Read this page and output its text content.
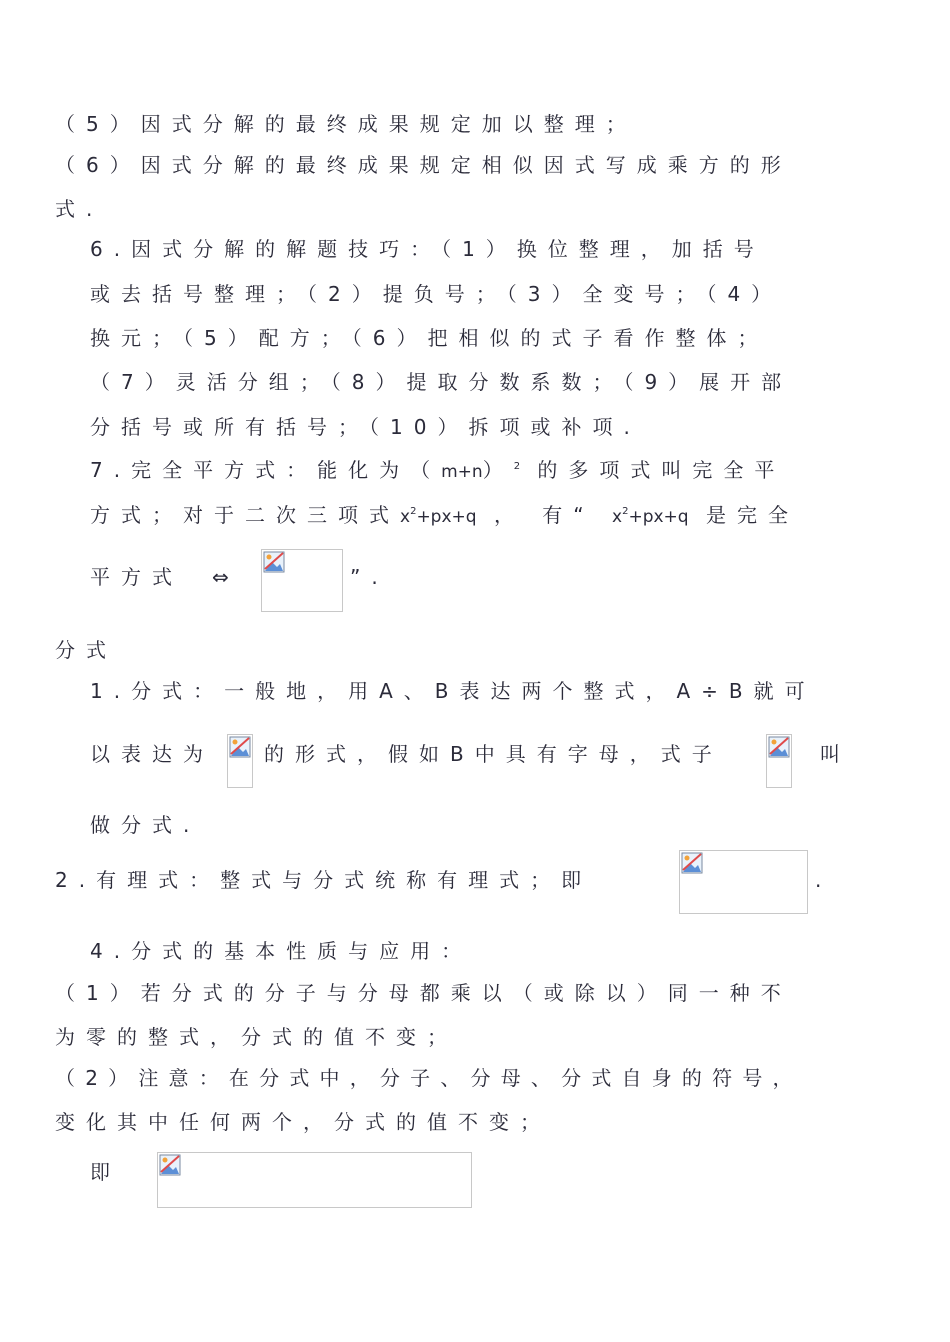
（5）因式分解的最终成果规定加以整理；
（6）因式分解的最终成果规定相似因式写成乘方的形
式.
6.因式分解的解题技巧：（1）换位整理，加括号
或去括号整理；（2）提负号；（3）全变号；（4）
换元；（5）配方；（6）把相似的式子看作整体；
（7）灵活分组；（8）提取分数系数；（9）展开部
分括号或所有括号；（10）拆项或补项.
7.完全平方式：能化为$(m+n)^2$ 的多项式叫完全平
方式；对于二次三项式$x^2+px+q$ ， 有“ $x^2+px+q$ 是完全
平方式 ⇔	”.
分式
1.分式：一般地，用A、B表达两个整式，A÷B就可
以表达为	的形式，假如B中具有字母，式子	叫
做分式.
2.有理式：整式与分式统称有理式；即	.
4.分式的基本性质与应用：
（1）若分式的分子与分母都乘以（或除以）同一种不
为零的整式，分式的值不变；
（2）注意：在分式中，分子、分母、分式自身的符号，
变化其中任何两个，分式的值不变；
即
